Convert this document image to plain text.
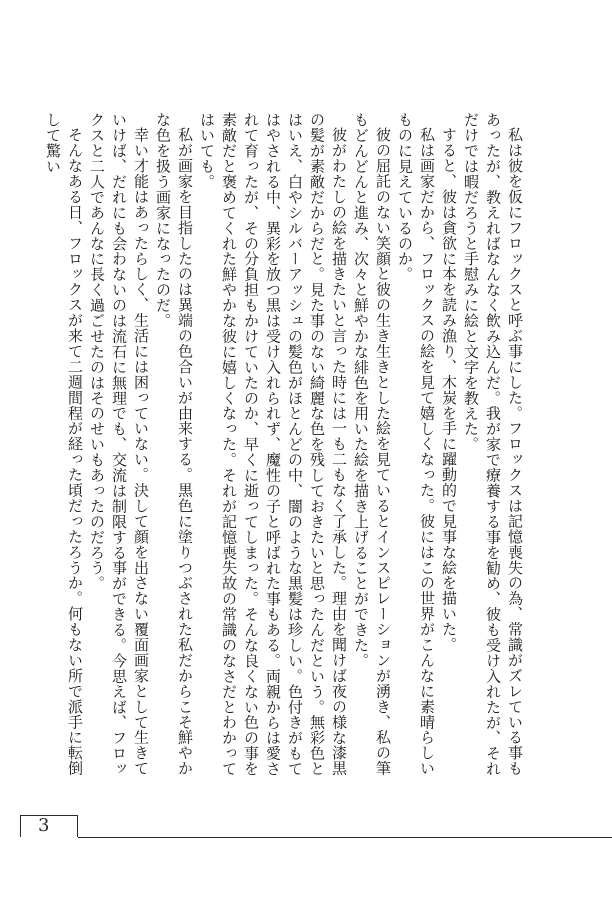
私は彼を仮にフロックスと呼ぶ事にした。フロックスは記憶喪失の為、常識がズレている事もあったが、教えればなんなく飲み込んだ。我が家で療養する事を勧め、彼も受け入れたが、それだけでは暇だろうと手慰みに絵と文字を教えた。

すると、彼は貪欲に本を読み漁り、木炭を手に躍動的で見事な絵を描いた。

私は画家だから、フロックスの絵を見て嬉しくなった。彼にはこの世界がこんなに素晴らしいものに見えているのか。

彼の屈託のない笑顔と彼の生き生きとした絵を見ているとインスピレーションが湧き、私の筆もどんどんと進み、次々と鮮やかな緋色を用いた絵を描き上げることができた。

彼がわたしの絵を描きたいと言った時には一も二もなく了承した。理由を聞けば夜の様な漆黒の髪が素敵だからだと。見た事のない綺麗な色を残しておきたいと思ったんだという。無彩色とはいえ、白やシルバーアッシュの髪色がほとんどの中、闇のような黒髪は珍しい。色付きがもてはやされる中、異彩を放つ黒は受け入れられず、魔性の子と呼ばれた事もある。両親からは愛されて育ったが、その分負担もかけていたのか、早くに逝ってしまった。そんな良くない色の事を素敵だと褒めてくれた鮮やかな彼に嬉しくなった。それが記憶喪失故の常識のなさだとわかってはいても。

私が画家を目指したのは異端の色合いが由来する。黒色に塗りつぶされた私だからこそ鮮やかな色を扱う画家になったのだ。

幸い才能はあったらしく、生活には困っていない。決して顔を出さない覆面画家として生きていけば、だれにも会わないのは流石に無理でも、交流は制限する事ができる。今思えば、フロックスと二人であんなに長く過ごせたのはそのせいもあったのだろう。

そんなある日、フロックスが来て二週間程が経った頃だったろうか。何もない所で派手に転倒して驚い

3
